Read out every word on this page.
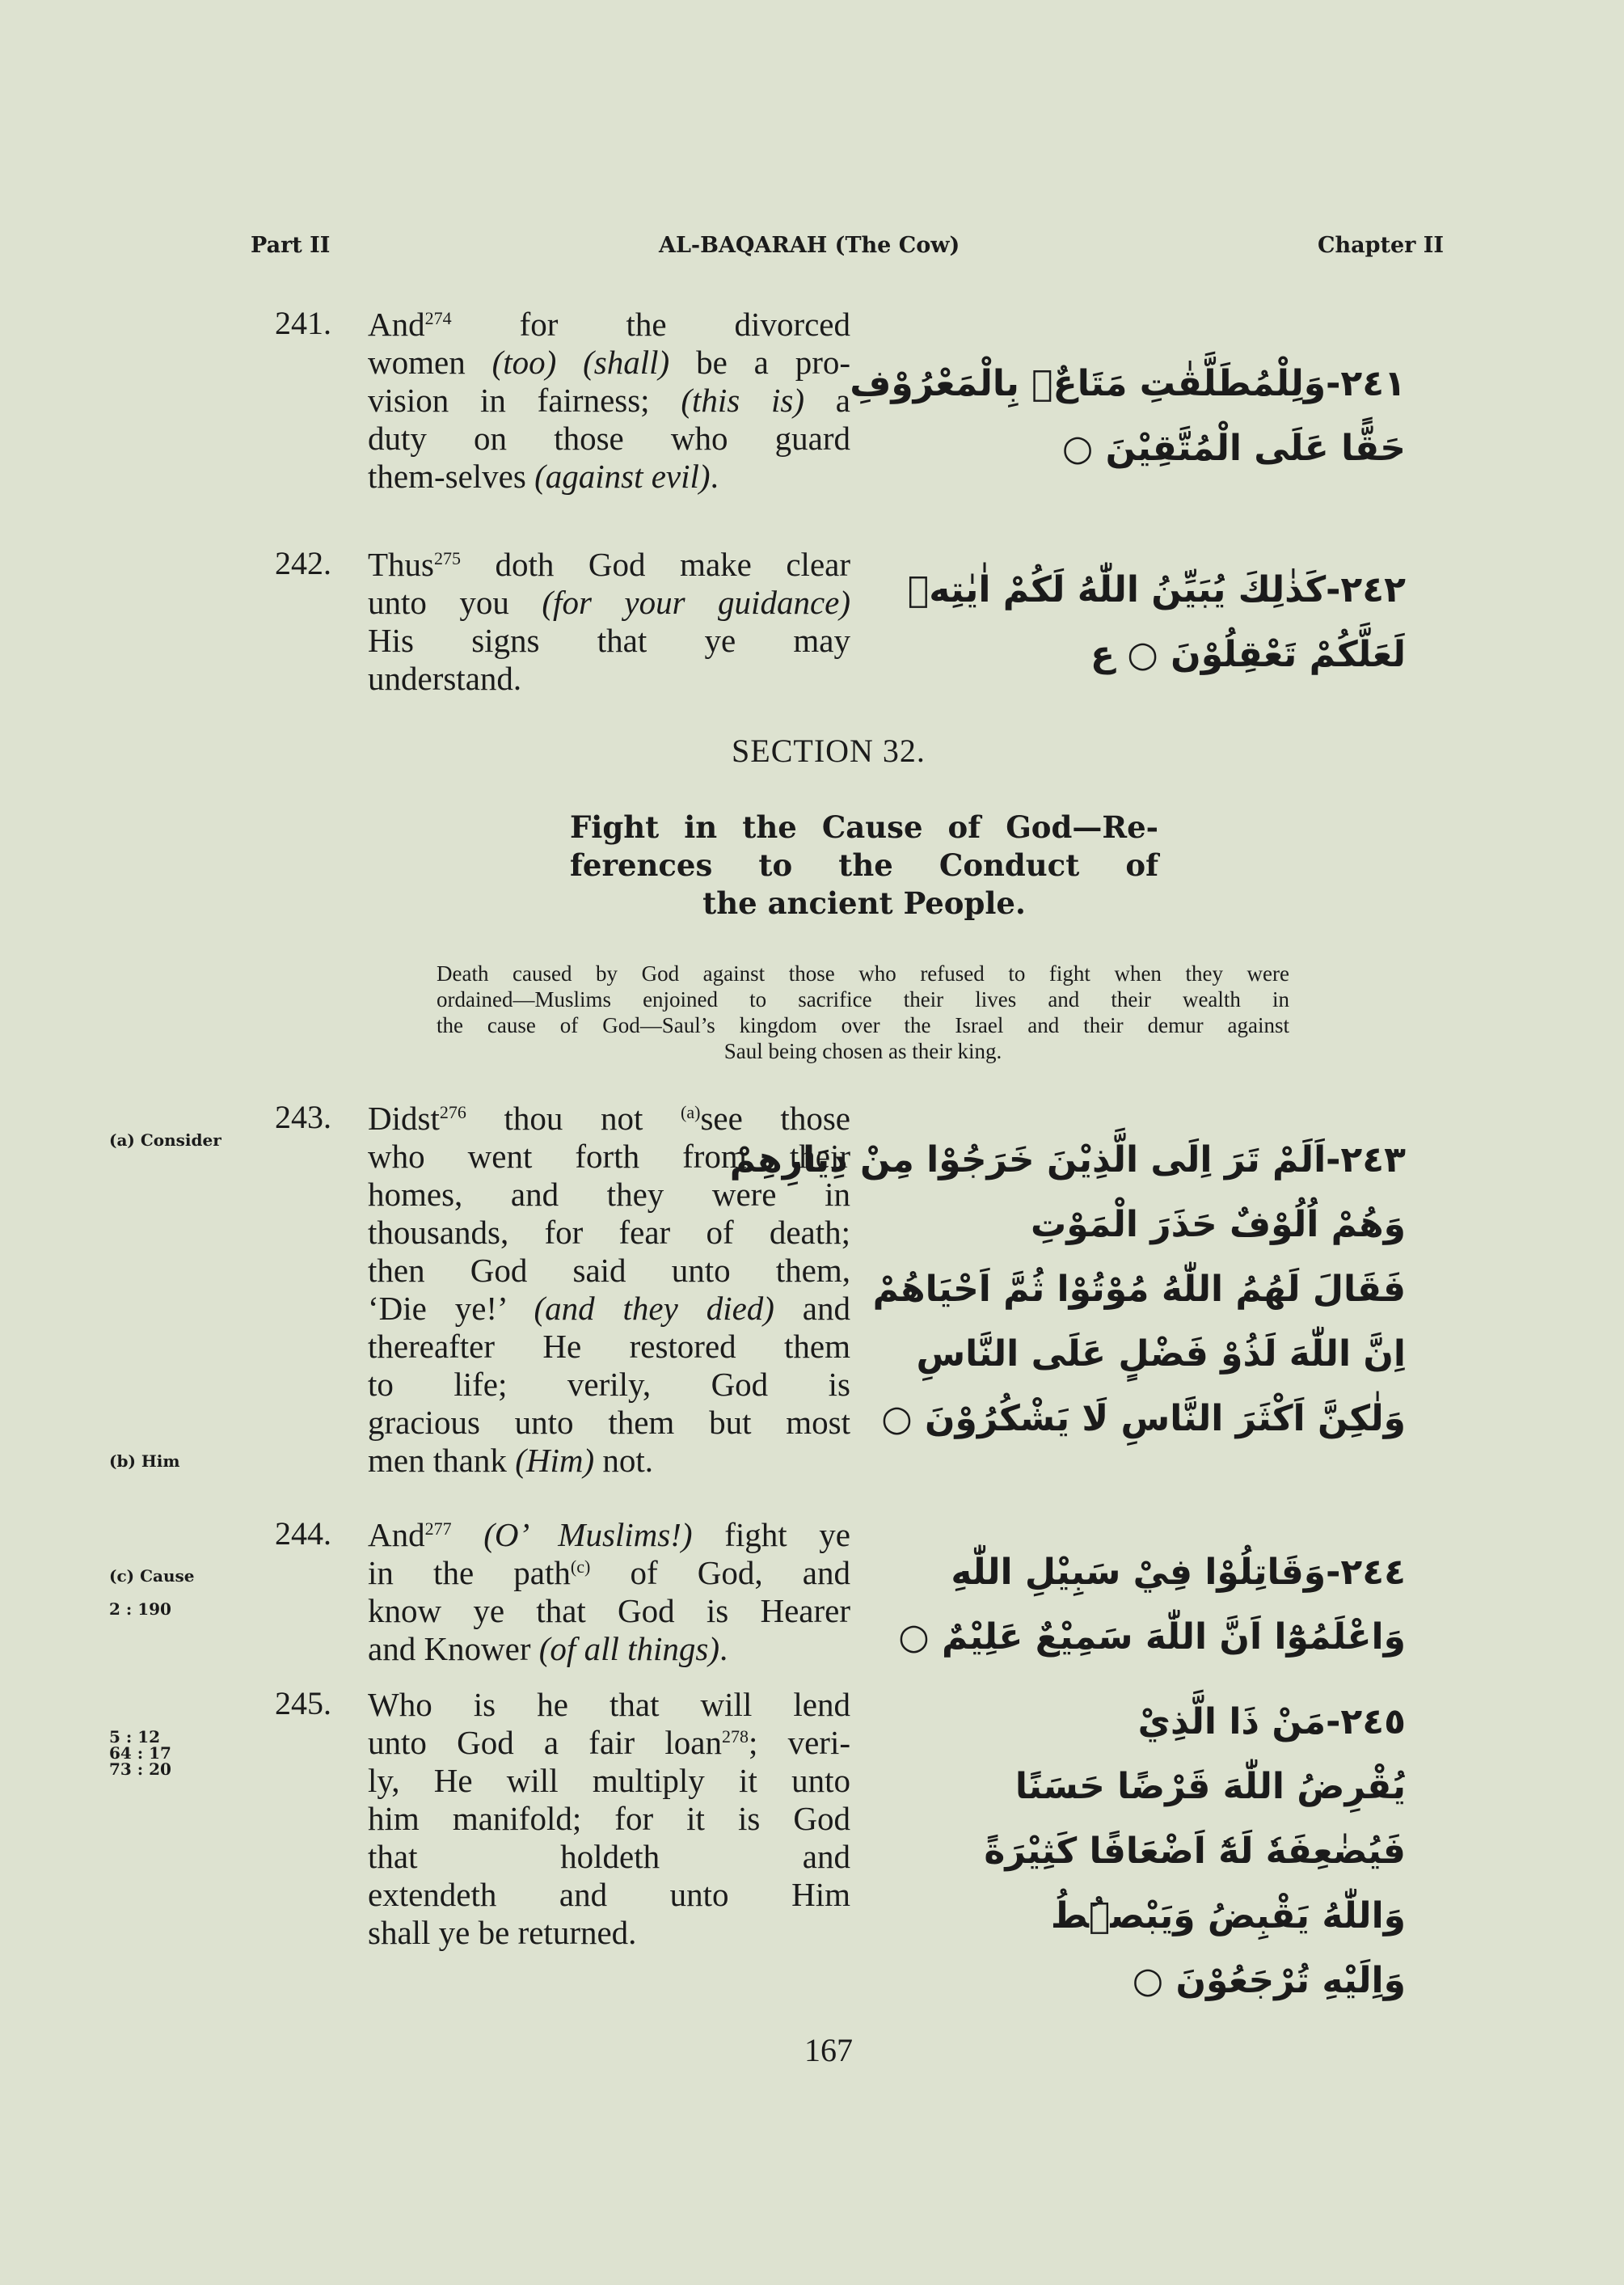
Part II	AL-BAQARAH (The Cow)	Chapter II
241. And$^{274}$ for the divorced
women (too) (shall) be a pro-
vision in fairness; (this is) a
duty on those who guard
them-selves (against evil).
٢٤١-وَلِلْمُطَلَّقٰتِ مَتَاعٌۢ بِالْمَعْرُوْفِ
حَقًّا عَلَى الْمُتَّقِيْنَ ○
242. Thus$^{275}$ doth God make clear
unto you (for your guidance)
His signs that ye may
understand.
٢٤٢-كَذٰلِكَ يُبَيِّنُ اللّٰهُ لَكُمْ اٰيٰتِهٖ
لَعَلَّكُمْ تَعْقِلُوْنَ ○ ع
243. Didst$^{276}$ thou not $^{(a)}$see those
who went forth from their
homes, and they were in
thousands, for fear of death;
then God said unto them,
‘Die ye!’ (and they died) and
thereafter He restored them
to life; verily, God is
gracious unto them but most
men thank (Him) not.
٢٤٣-اَلَمْ تَرَ اِلَى الَّذِيْنَ خَرَجُوْا مِنْ دِيَارِهِمْ
وَهُمْ اُلُوْفٌ حَذَرَ الْمَوْتِ
فَقَالَ لَهُمُ اللّٰهُ مُوْتُوْا ثُمَّ اَحْيَاهُمْ
اِنَّ اللّٰهَ لَذُوْ فَضْلٍ عَلَى النَّاسِ
وَلٰكِنَّ اَكْثَرَ النَّاسِ لَا يَشْكُرُوْنَ ○
244. And$^{277}$ (O’ Muslims!) fight ye
in the path$^{(c)}$ of God, and
know ye that God is Hearer
and Knower (of all things).
٢٤٤-وَقَاتِلُوْا فِيْ سَبِيْلِ اللّٰهِ
وَاعْلَمُوْٓا اَنَّ اللّٰهَ سَمِيْعٌ عَلِيْمٌ ○
245. Who is he that will lend
unto God a fair loan$^{278}$; veri-
ly, He will multiply it unto
him manifold; for it is God
that holdeth and
extendeth and unto Him
shall ye be returned.
٢٤٥-مَنْ ذَا الَّذِيْ
يُقْرِضُ اللّٰهَ قَرْضًا حَسَنًا
فَيُضٰعِفَهٗ لَهٗٓ اَضْعَافًا كَثِيْرَةً
وَاللّٰهُ يَقْبِضُ وَيَبْصُۜطُ
وَاِلَيْهِ تُرْجَعُوْنَ ○
SECTION 32.
Fight in the Cause of God—Re-
ferences to the Conduct of
the ancient People.
Death caused by God against those who refused to fight when they were
ordained—Muslims enjoined to sacrifice their lives and their wealth in
the cause of God—Saul’s kingdom over the Israel and their demur against
Saul being chosen as their king.
(a) Consider
(b) Him
(c) Cause
2 : 190
5 : 12
64 : 17
73 : 20
167
